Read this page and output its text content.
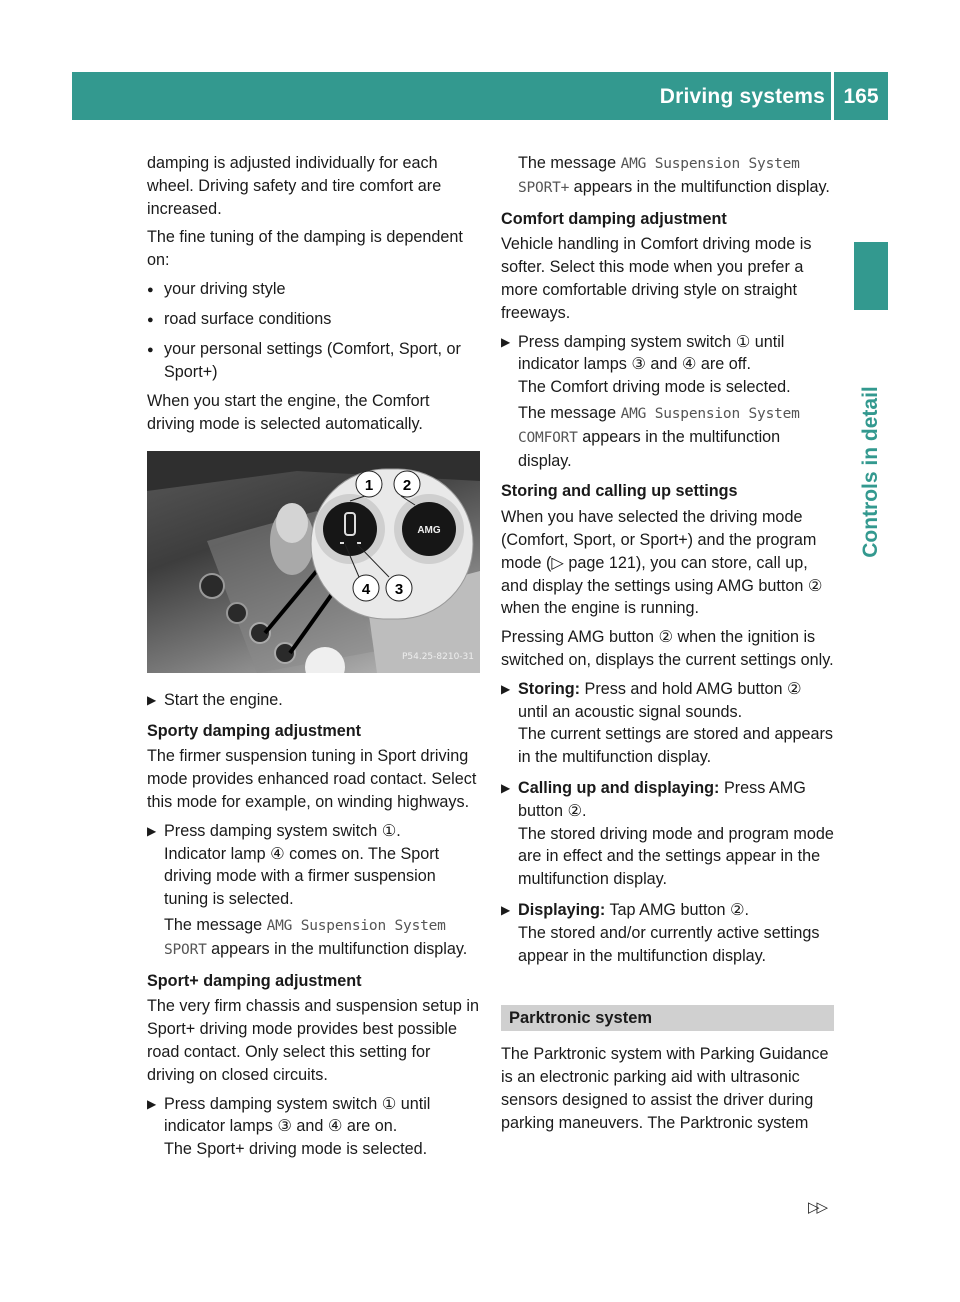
Driving systems 165
Controls in detail

damping is adjusted individually for each wheel. Driving safety and tire comfort are increased.

The fine tuning of the damping is dependent on:

● your driving style
● road surface conditions
● your personal settings (Comfort, Sport, or Sport+)

When you start the engine, the Comfort driving mode is selected automatically.

AMG
1 2
4 3
P54.25-8210-31
▶ Start the engine.

Sporty damping adjustment

The firmer suspension tuning in Sport driving mode provides enhanced road contact. Select this mode for example, on winding highways.

▶ Press damping system switch ①.

Indicator lamp ④ comes on. The Sport driving mode with a firmer suspension tuning is selected.

The message AMG Suspension System SPORT appears in the multifunction display.

Sport+ damping adjustment

The very firm chassis and suspension setup in Sport+ driving mode provides best possible road contact. Only select this setting for driving on closed circuits.

▶ Press damping system switch ① until indicator lamps ③ and ④ are on.

The Sport+ driving mode is selected.

The message AMG Suspension System SPORT+ appears in the multifunction display.

Comfort damping adjustment

Vehicle handling in Comfort driving mode is softer. Select this mode when you prefer a more comfortable driving style on straight freeways.

▶ Press damping system switch ① until indicator lamps ③ and ④ are off.

The Comfort driving mode is selected.

The message AMG Suspension System COMFORT appears in the multifunction display.

Storing and calling up settings

When you have selected the driving mode (Comfort, Sport, or Sport+) and the program mode (▷ page 121), you can store, call up, and display the settings using AMG button ② when the engine is running.

Pressing AMG button ② when the ignition is switched on, displays the current settings only.

▶ Storing: Press and hold AMG button ② until an acoustic signal sounds.

The current settings are stored and appears in the multifunction display.

▶ Calling up and displaying: Press AMG button ②.

The stored driving mode and program mode are in effect and the settings appear in the multifunction display.

▶ Displaying: Tap AMG button ②.

The stored and/or currently active settings appear in the multifunction display.

Parktronic system

The Parktronic system with Parking Guidance is an electronic parking aid with ultrasonic sensors designed to assist the driver during parking maneuvers. The Parktronic system

▷▷
